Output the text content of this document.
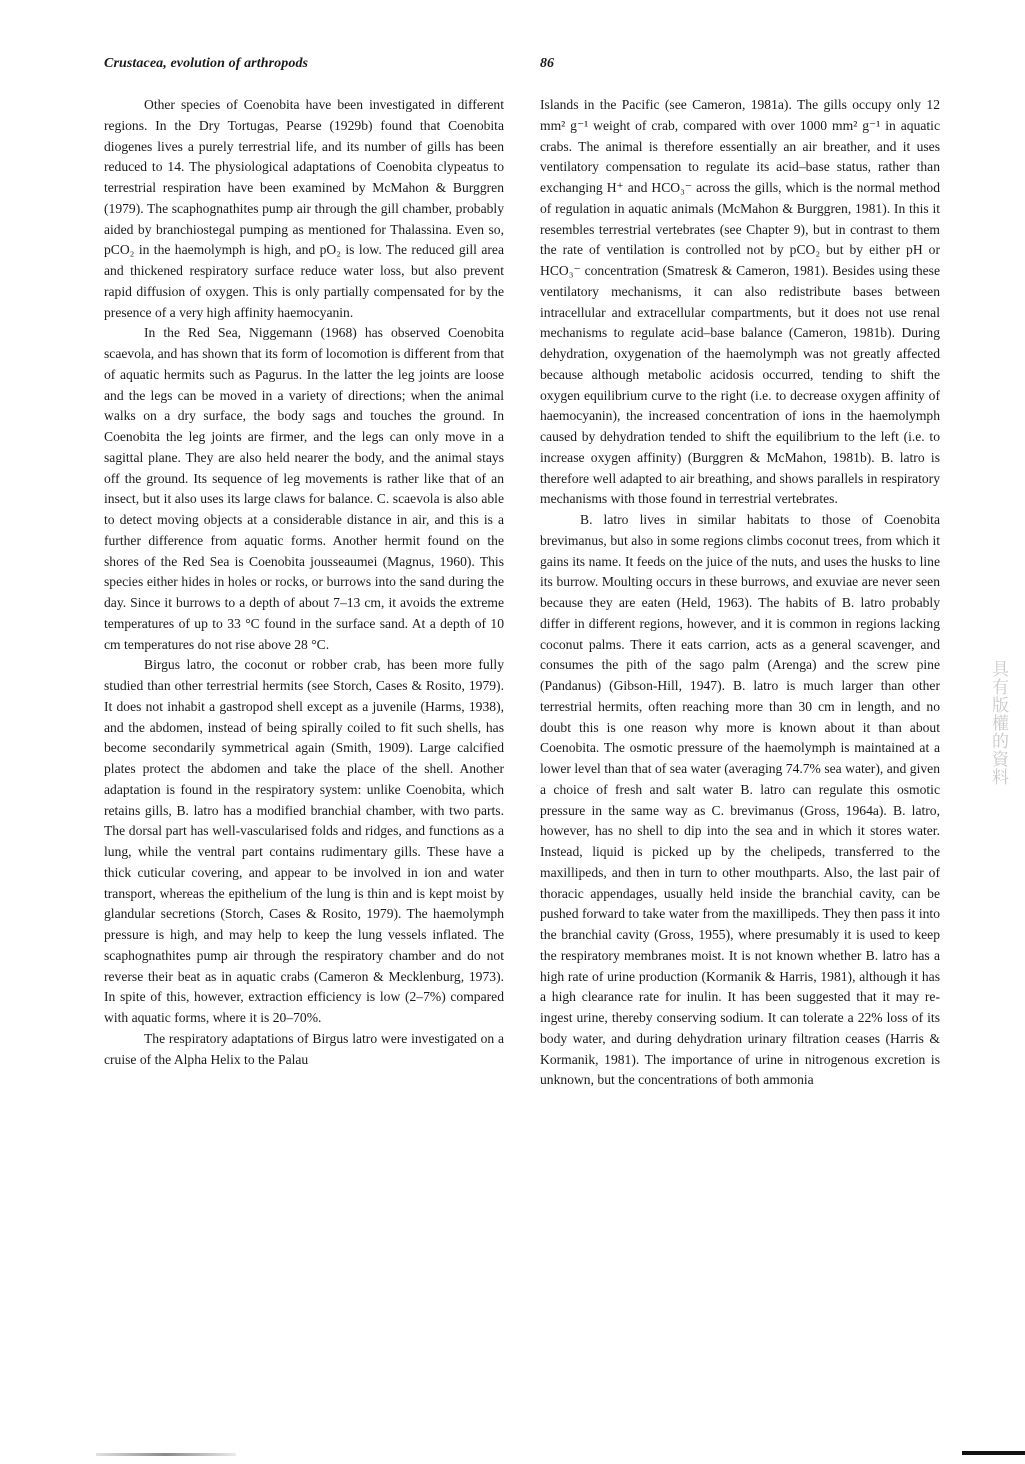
Crustacea, evolution of arthropods	86

Other species of Coenobita have been investigated in different regions. In the Dry Tortugas, Pearse (1929b) found that Coenobita diogenes lives a purely terrestrial life, and its number of gills has been reduced to 14. The physiological adaptations of Coenobita clypeatus to terrestrial respiration have been examined by McMahon & Burggren (1979). The scaphognathites pump air through the gill chamber, probably aided by branchiostegal pumping as mentioned for Thalassina. Even so, pCO₂ in the haemolymph is high, and pO₂ is low. The reduced gill area and thickened respiratory surface reduce water loss, but also prevent rapid diffusion of oxygen. This is only partially compensated for by the presence of a very high affinity haemocyanin.

In the Red Sea, Niggemann (1968) has observed Coenobita scaevola, and has shown that its form of locomotion is different from that of aquatic hermits such as Pagurus. In the latter the leg joints are loose and the legs can be moved in a variety of directions; when the animal walks on a dry surface, the body sags and touches the ground. In Coenobita the leg joints are firmer, and the legs can only move in a sagittal plane. They are also held nearer the body, and the animal stays off the ground. Its sequence of leg movements is rather like that of an insect, but it also uses its large claws for balance. C. scaevola is also able to detect moving objects at a considerable distance in air, and this is a further difference from aquatic forms. Another hermit found on the shores of the Red Sea is Coenobita jousseaumei (Magnus, 1960). This species either hides in holes or rocks, or burrows into the sand during the day. Since it burrows to a depth of about 7–13 cm, it avoids the extreme temperatures of up to 33 °C found in the surface sand. At a depth of 10 cm temperatures do not rise above 28 °C.

Birgus latro, the coconut or robber crab, has been more fully studied than other terrestrial hermits (see Storch, Cases & Rosito, 1979). It does not inhabit a gastropod shell except as a juvenile (Harms, 1938), and the abdomen, instead of being spirally coiled to fit such shells, has become secondarily symmetrical again (Smith, 1909). Large calcified plates protect the abdomen and take the place of the shell. Another adaptation is found in the respiratory system: unlike Coenobita, which retains gills, B. latro has a modified branchial chamber, with two parts. The dorsal part has well-vascularised folds and ridges, and functions as a lung, while the ventral part contains rudimentary gills. These have a thick cuticular covering, and appear to be involved in ion and water transport, whereas the epithelium of the lung is thin and is kept moist by glandular secretions (Storch, Cases & Rosito, 1979). The haemolymph pressure is high, and may help to keep the lung vessels inflated. The scaphognathites pump air through the respiratory chamber and do not reverse their beat as in aquatic crabs (Cameron & Mecklenburg, 1973). In spite of this, however, extraction efficiency is low (2–7%) compared with aquatic forms, where it is 20–70%.

The respiratory adaptations of Birgus latro were investigated on a cruise of the Alpha Helix to the Palau

Islands in the Pacific (see Cameron, 1981a). The gills occupy only 12 mm² g⁻¹ weight of crab, compared with over 1000 mm² g⁻¹ in aquatic crabs. The animal is therefore essentially an air breather, and it uses ventilatory compensation to regulate its acid–base status, rather than exchanging H⁺ and HCO₃⁻ across the gills, which is the normal method of regulation in aquatic animals (McMahon & Burggren, 1981). In this it resembles terrestrial vertebrates (see Chapter 9), but in contrast to them the rate of ventilation is controlled not by pCO₂ but by either pH or HCO₃⁻ concentration (Smatresk & Cameron, 1981). Besides using these ventilatory mechanisms, it can also redistribute bases between intracellular and extracellular compartments, but it does not use renal mechanisms to regulate acid–base balance (Cameron, 1981b). During dehydration, oxygenation of the haemolymph was not greatly affected because although metabolic acidosis occurred, tending to shift the oxygen equilibrium curve to the right (i.e. to decrease oxygen affinity of haemocyanin), the increased concentration of ions in the haemolymph caused by dehydration tended to shift the equilibrium to the left (i.e. to increase oxygen affinity) (Burggren & McMahon, 1981b). B. latro is therefore well adapted to air breathing, and shows parallels in respiratory mechanisms with those found in terrestrial vertebrates.

B. latro lives in similar habitats to those of Coenobita brevimanus, but also in some regions climbs coconut trees, from which it gains its name. It feeds on the juice of the nuts, and uses the husks to line its burrow. Moulting occurs in these burrows, and exuviae are never seen because they are eaten (Held, 1963). The habits of B. latro probably differ in different regions, however, and it is common in regions lacking coconut palms. There it eats carrion, acts as a general scavenger, and consumes the pith of the sago palm (Arenga) and the screw pine (Pandanus) (Gibson-Hill, 1947). B. latro is much larger than other terrestrial hermits, often reaching more than 30 cm in length, and no doubt this is one reason why more is known about it than about Coenobita. The osmotic pressure of the haemolymph is maintained at a lower level than that of sea water (averaging 74.7% sea water), and given a choice of fresh and salt water B. latro can regulate this osmotic pressure in the same way as C. brevimanus (Gross, 1964a). B. latro, however, has no shell to dip into the sea and in which it stores water. Instead, liquid is picked up by the chelipeds, transferred to the maxillipeds, and then in turn to other mouthparts. Also, the last pair of thoracic appendages, usually held inside the branchial cavity, can be pushed forward to take water from the maxillipeds. They then pass it into the branchial cavity (Gross, 1955), where presumably it is used to keep the respiratory membranes moist. It is not known whether B. latro has a high rate of urine production (Kormanik & Harris, 1981), although it has a high clearance rate for inulin. It has been suggested that it may re-ingest urine, thereby conserving sodium. It can tolerate a 22% loss of its body water, and during dehydration urinary filtration ceases (Harris & Kormanik, 1981). The importance of urine in nitrogenous excretion is unknown, but the concentrations of both ammonia

具有版權的資料
